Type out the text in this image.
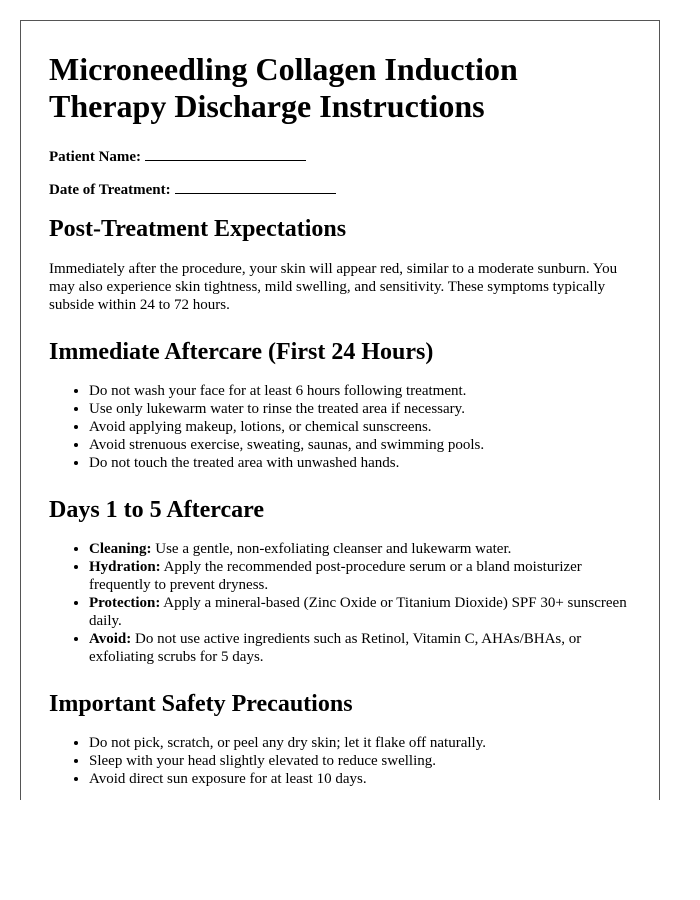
Microneedling Collagen Induction Therapy Discharge Instructions
Patient Name:
Date of Treatment:
Post-Treatment Expectations

Immediately after the procedure, your skin will appear red, similar to a moderate sunburn. You may also experience skin tightness, mild swelling, and sensitivity. These symptoms typically subside within 24 to 72 hours.

Immediate Aftercare (First 24 Hours)
• Do not wash your face for at least 6 hours following treatment.
• Use only lukewarm water to rinse the treated area if necessary.
• Avoid applying makeup, lotions, or chemical sunscreens.
• Avoid strenuous exercise, sweating, saunas, and swimming pools.
• Do not touch the treated area with unwashed hands.
Days 1 to 5 Aftercare
• Cleaning: Use a gentle, non-exfoliating cleanser and lukewarm water.
• Hydration: Apply the recommended post-procedure serum or a bland moisturizer frequently to prevent dryness.
• Protection: Apply a mineral-based (Zinc Oxide or Titanium Dioxide) SPF 30+ sunscreen daily.
• Avoid: Do not use active ingredients such as Retinol, Vitamin C, AHAs/BHAs, or exfoliating scrubs for 5 days.
Important Safety Precautions
• Do not pick, scratch, or peel any dry skin; let it flake off naturally.
• Sleep with your head slightly elevated to reduce swelling.
• Avoid direct sun exposure for at least 10 days.
